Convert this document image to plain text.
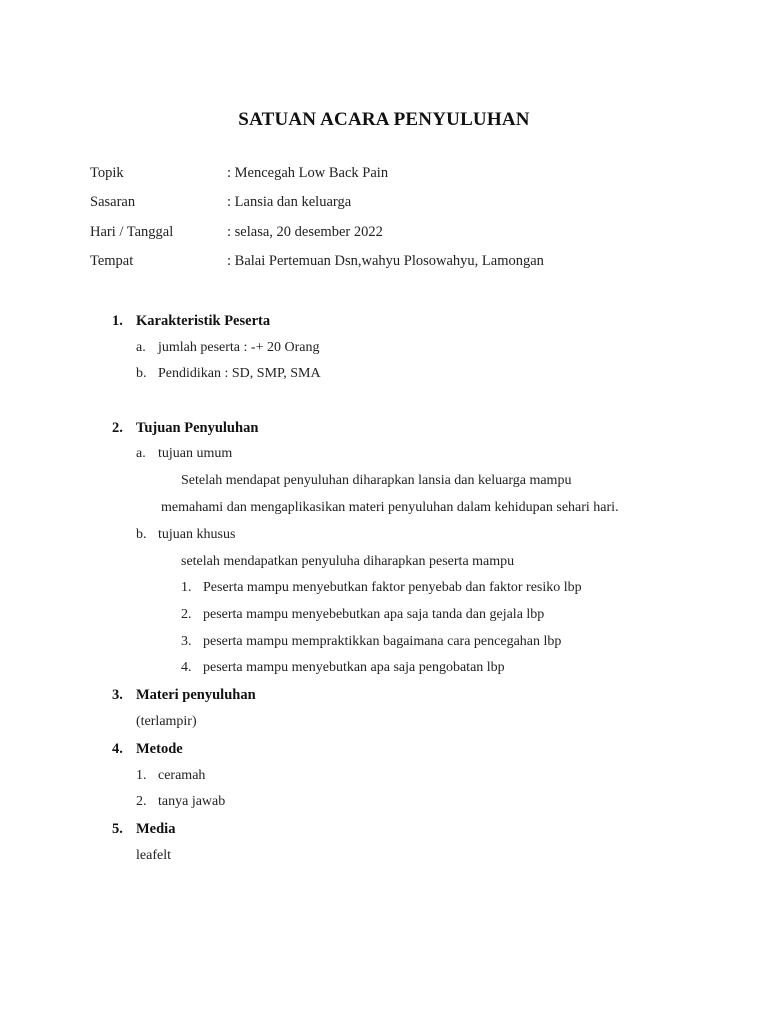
SATUAN ACARA PENYULUHAN
Topik	: Mencegah Low Back Pain
Sasaran	: Lansia dan keluarga
Hari / Tanggal	: selasa, 20 desember 2022
Tempat	: Balai Pertemuan Dsn,wahyu Plosowahyu, Lamongan
1. Karakteristik Peserta
a. jumlah peserta : -+ 20 Orang
b. Pendidikan : SD, SMP, SMA
2. Tujuan Penyuluhan
a. tujuan umum
Setelah mendapat penyuluhan diharapkan lansia dan keluarga mampu
memahami dan mengaplikasikan materi penyuluhan dalam kehidupan sehari hari.
b. tujuan khusus
setelah mendapatkan penyuluha diharapkan peserta mampu
1. Peserta mampu menyebutkan faktor penyebab dan faktor resiko lbp
2. peserta mampu menyebebutkan apa saja tanda dan gejala lbp
3. peserta mampu mempraktikkan bagaimana cara pencegahan lbp
4. peserta mampu menyebutkan apa saja pengobatan lbp
3. Materi penyuluhan
(terlampir)
4. Metode
1. ceramah
2. tanya jawab
5. Media
leafelt
